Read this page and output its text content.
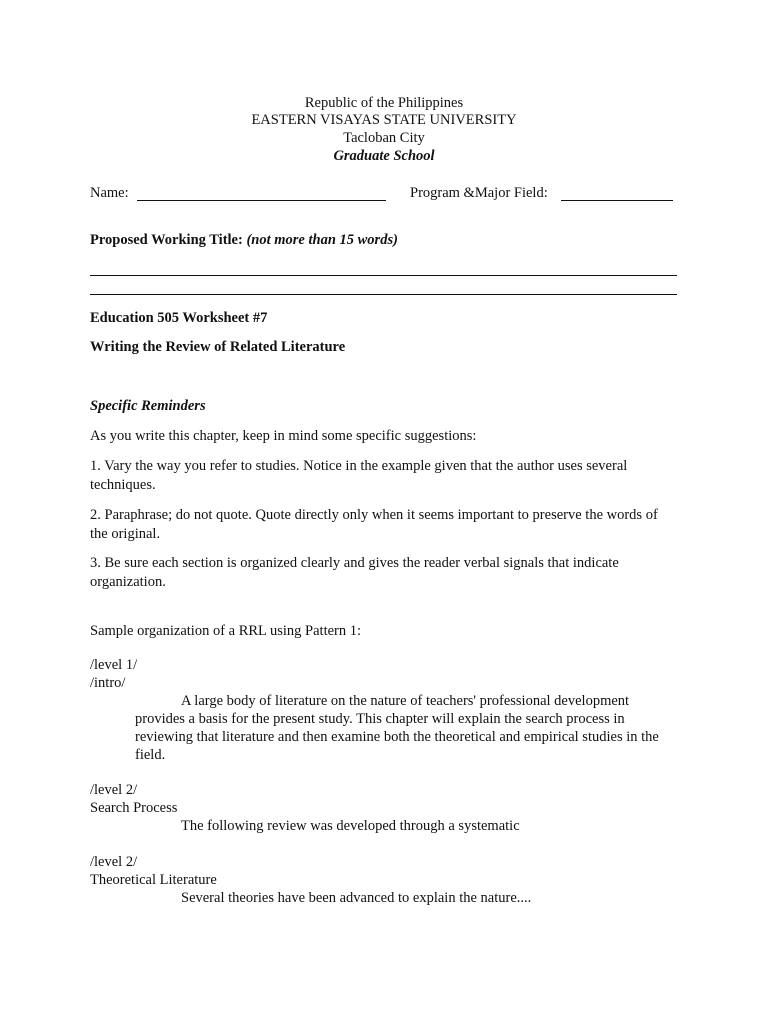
Republic of the Philippines
EASTERN VISAYAS STATE UNIVERSITY
Tacloban City
Graduate School
Name:	Program &Major Field:
Proposed Working Title: (not more than 15 words)
Education 505 Worksheet #7
Writing the Review of Related Literature
Specific Reminders
As you write this chapter, keep in mind some specific suggestions:
1. Vary the way you refer to studies. Notice in the example given that the author uses several techniques.
2. Paraphrase; do not quote. Quote directly only when it seems important to preserve the words of the original.
3. Be sure each section is organized clearly and gives the reader verbal signals that indicate organization.
Sample organization of a RRL using Pattern 1:
/level 1/
/intro/
A large body of literature on the nature of teachers' professional development provides a basis for the present study. This chapter will explain the search process in reviewing that literature and then examine both the theoretical and empirical studies in the field.
/level 2/
Search Process
The following review was developed through a systematic
/level 2/
Theoretical Literature
Several theories have been advanced to explain the nature....
